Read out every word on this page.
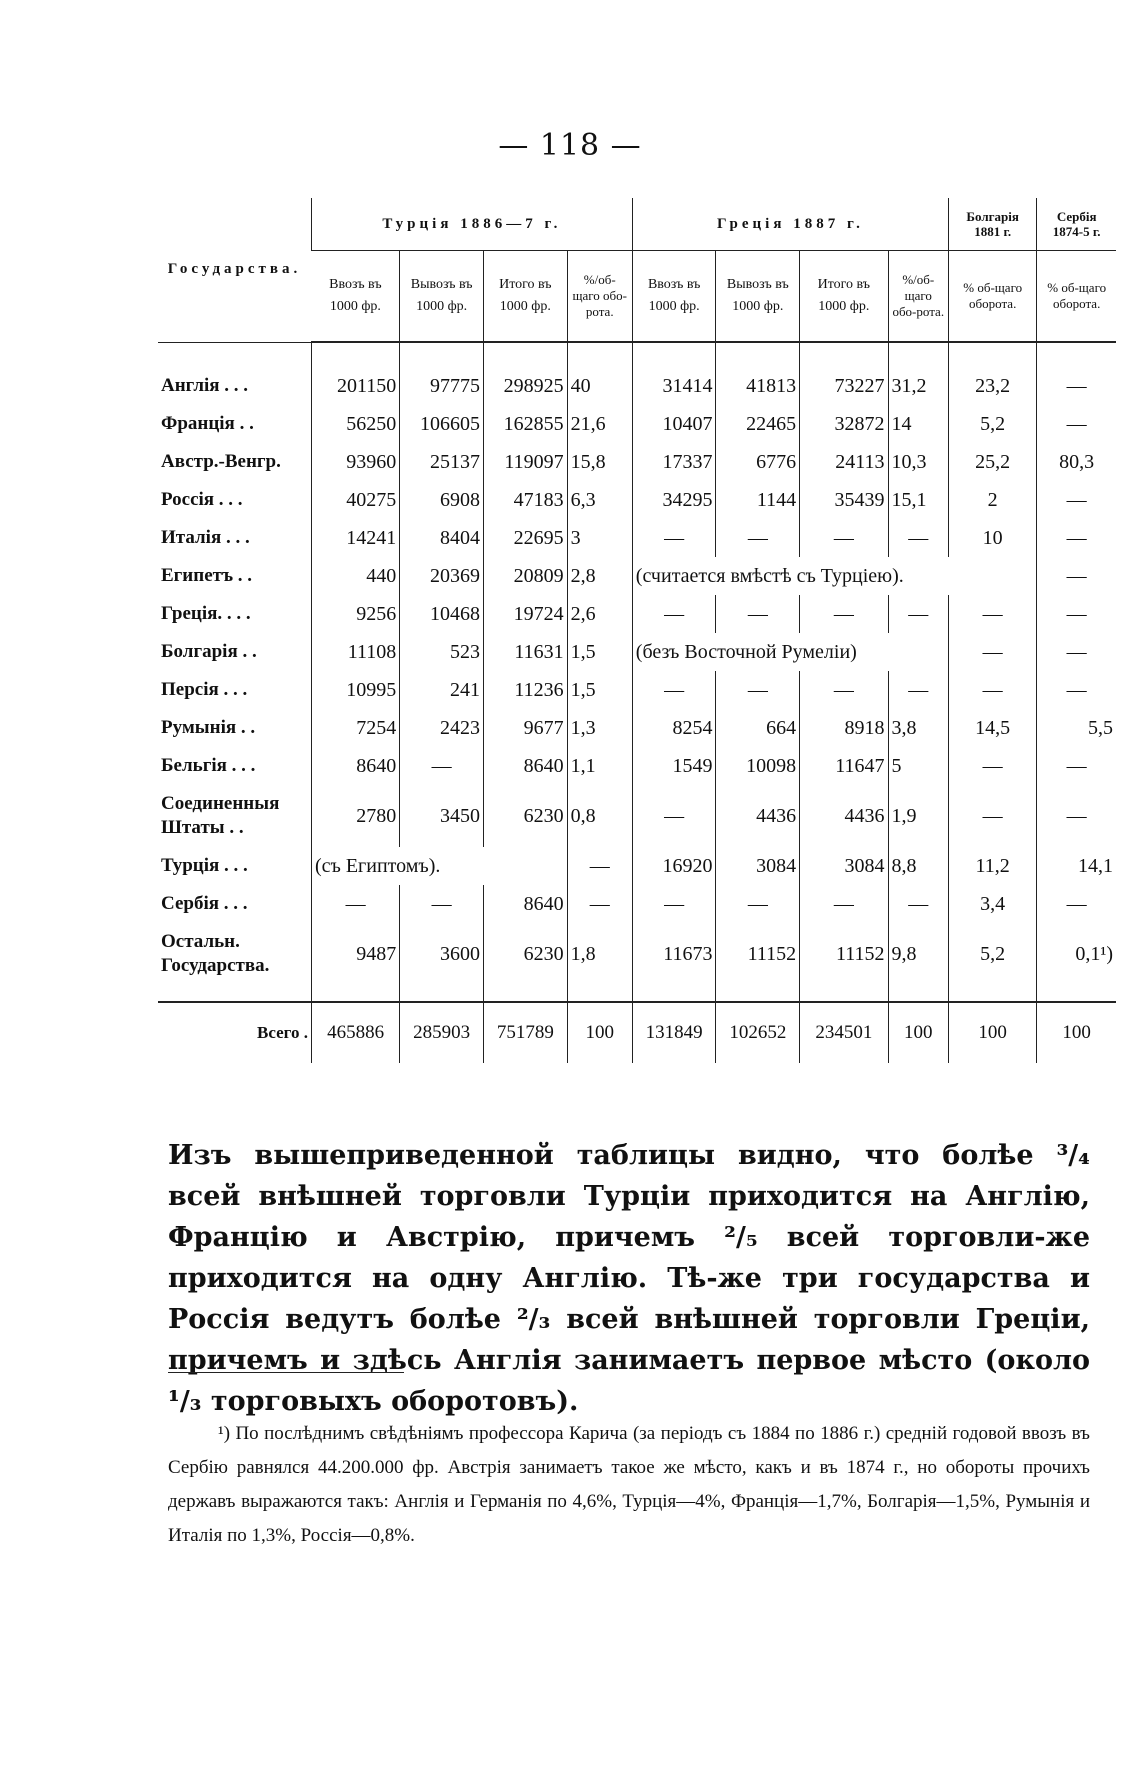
— 118 —
Государства.	Турція 1886—7 г.				Греція 1887 г.				Болгарія 1881 г.	Сербія 1874-5 г.
	Ввозъ въ 1000 фр.	Вывозъ въ 1000 фр.	Итого въ 1000 фр.	%/об-щаго обо-рота.	Ввозъ въ 1000 фр.	Вывозъ въ 1000 фр.	Итого въ 1000 фр.	%/об-щаго обо-рота.	% об-щаго оборота.	% об-щаго оборота.
Англія . . .	201150	97775	298925	40	31414	41813	73227	31,2	23,2	—
Франція . .	56250	106605	162855	21,6	10407	22465	32872	14	5,2	—
Австр.-Венгр.	93960	25137	119097	15,8	17337	6776	24113	10,3	25,2	80,3
Россія . . .	40275	6908	47183	6,3	34295	1144	35439	15,1	2	—
Италія . . .	14241	8404	22695	3	—	—	—	—	10	—
Египетъ . .	440	20369	20809	2,8	(считается вмѣстѣ съ Турціею).					—
Греція. . . .	9256	10468	19724	2,6	—	—	—	—	—	—
Болгарія . .	11108	523	11631	1,5	(безъ Восточной Румеліи)				—	—
Персія . . .	10995	241	11236	1,5	—	—	—	—	—	—
Румынія . .	7254	2423	9677	1,3	8254	664	8918	3,8	14,5	5,5
Бельгія . . .	8640	—	8640	1,1	1549	10098	11647	5	—	—
Соединенныя Штаты . .	2780	3450	6230	0,8	—	4436	4436	1,9	—	—
Турція . . .	(съ Египтомъ).			—	16920	3084	3084	8,8	11,2	14,1
Сербія . . .	—	—	8640	—	—	—	—	—	3,4	—
Остальн. Государства.	9487	3600	6230	1,8	11673	11152	11152	9,8	5,2	0,1¹)
Всего .	465886	285903	751789	100	131849	102652	234501	100	100	100

Изъ вышеприведенной таблицы видно, что болѣе ³/₄ всей внѣшней торговли Турціи приходится на Англію, Францію и Австрію, причемъ ²/₅ всей торговли-же приходится на одну Англію. Тѣ-же три государства и Россія ведутъ болѣе ²/₃ всей внѣшней торговли Греціи, причемъ и здѣсь Англія занимаетъ первое мѣсто (около ¹/₃ торговыхъ оборотовъ).

¹) По послѣднимъ свѣдѣніямъ профессора Карича (за періодъ съ 1884 по 1886 г.) средній годовой ввозъ въ Сербію равнялся 44.200.000 фр. Австрія занимаетъ такое же мѣсто, какъ и въ 1874 г., но обороты прочихъ державъ выражаются такъ: Англія и Германія по 4,6%, Турція—4%, Франція—1,7%, Болгарія—1,5%, Румынія и Италія по 1,3%, Россія—0,8%.
